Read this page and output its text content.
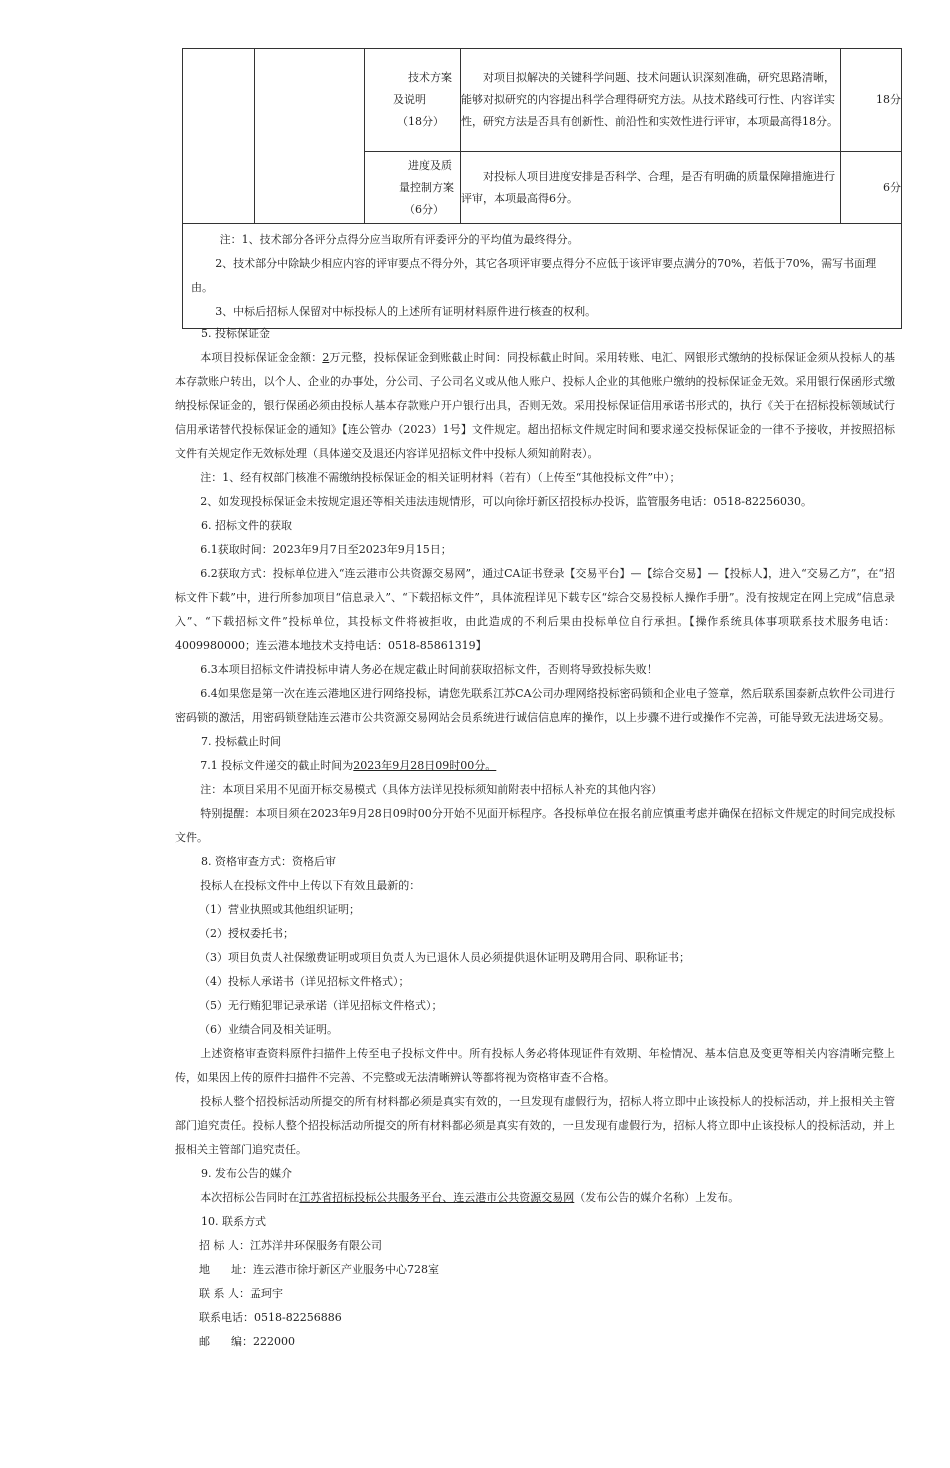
		技术方案
及说明
（18分）	对项目拟解决的关键科学问题、技术问题认识深刻准确，研究思路清晰，能够对拟研究的内容提出科学合理得研究方法。从技术路线可行性、内容详实性，研究方法是否具有创新性、前沿性和实效性进行评审，本项最高得18分。	18分

		进度及质
量控制方案
（6分）	对投标人项目进度安排是否科学、合理，是否有明确的质量保障措施进行评审，本项最高得6分。	6分

注：1、技术部分各评分点得分应当取所有评委评分的平均值为最终得分。
2、技术部分中除缺少相应内容的评审要点不得分外，其它各项评审要点得分不应低于该评审要点满分的70%，若低于70%，需写书面理由。
3、中标后招标人保留对中标投标人的上述所有证明材料原件进行核查的权利。				

5. 投标保证金

本项目投标保证金金额：2万元整，投标保证金到账截止时间：同投标截止时间。采用转账、电汇、网银形式缴纳的投标保证金须从投标人的基本存款账户转出，以个人、企业的办事处，分公司、子公司名义或从他人账户、投标人企业的其他账户缴纳的投标保证金无效。采用银行保函形式缴纳投标保证金的，银行保函必须由投标人基本存款账户开户银行出具，否则无效。采用投标保证信用承诺书形式的，执行《关于在招标投标领域试行信用承诺替代投标保证金的通知》【连公管办（2023）1号】文件规定。超出招标文件规定时间和要求递交投标保证金的一律不予接收，并按照招标文件有关规定作无效标处理（具体递交及退还内容详见招标文件中投标人须知前附表）。

注：1、经有权部门核准不需缴纳投标保证金的相关证明材料（若有）（上传至“其他投标文件”中）；

2、如发现投标保证金未按规定退还等相关违法违规情形，可以向徐圩新区招投标办投诉，监管服务电话：0518-82256030。

6. 招标文件的获取

6.1获取时间：2023年9月7日至2023年9月15日；

6.2获取方式：投标单位进入“连云港市公共资源交易网”，通过CA证书登录【交易平台】—【综合交易】—【投标人】，进入“交易乙方”，在“招标文件下载”中，进行所参加项目“信息录入”、“下载招标文件”，具体流程详见下载专区“综合交易投标人操作手册”。没有按规定在网上完成“信息录入”、“下载招标文件”投标单位，其投标文件将被拒收，由此造成的不利后果由投标单位自行承担。【操作系统具体事项联系技术服务电话：4009980000；连云港本地技术支持电话：0518-85861319】

6.3本项目招标文件请投标申请人务必在规定截止时间前获取招标文件，否则将导致投标失败！

6.4如果您是第一次在连云港地区进行网络投标，请您先联系江苏CA公司办理网络投标密码锁和企业电子签章，然后联系国泰新点软件公司进行密码锁的激活，用密码锁登陆连云港市公共资源交易网站会员系统进行诚信信息库的操作，以上步骤不进行或操作不完善，可能导致无法进场交易。

7. 投标截止时间

7.1 投标文件递交的截止时间为2023年9月28日09时00分。

注：本项目采用不见面开标交易模式（具体方法详见投标须知前附表中招标人补充的其他内容）

特别提醒：本项目须在2023年9月28日09时00分开始不见面开标程序。各投标单位在报名前应慎重考虑并确保在招标文件规定的时间完成投标文件。

8. 资格审查方式：资格后审

投标人在投标文件中上传以下有效且最新的：

（1）营业执照或其他组织证明；

（2）授权委托书；

（3）项目负责人社保缴费证明或项目负责人为已退休人员必须提供退休证明及聘用合同、职称证书；

（4）投标人承诺书（详见招标文件格式）；

（5）无行贿犯罪记录承诺（详见招标文件格式）；

（6）业绩合同及相关证明。

上述资格审查资料原件扫描件上传至电子投标文件中。所有投标人务必将体现证件有效期、年检情况、基本信息及变更等相关内容清晰完整上传，如果因上传的原件扫描件不完善、不完整或无法清晰辨认等都将视为资格审查不合格。

投标人整个招投标活动所提交的所有材料都必须是真实有效的，一旦发现有虚假行为，招标人将立即中止该投标人的投标活动，并上报相关主管部门追究责任。投标人整个招投标活动所提交的所有材料都必须是真实有效的，一旦发现有虚假行为，招标人将立即中止该投标人的投标活动，并上报相关主管部门追究责任。

9. 发布公告的媒介

本次招标公告同时在江苏省招标投标公共服务平台、连云港市公共资源交易网（发布公告的媒介名称）上发布。

10. 联系方式

招 标 人：江苏洋井环保服务有限公司

地      址：连云港市徐圩新区产业服务中心728室

联 系 人：孟珂宇

联系电话：0518-82256886

邮      编：222000
